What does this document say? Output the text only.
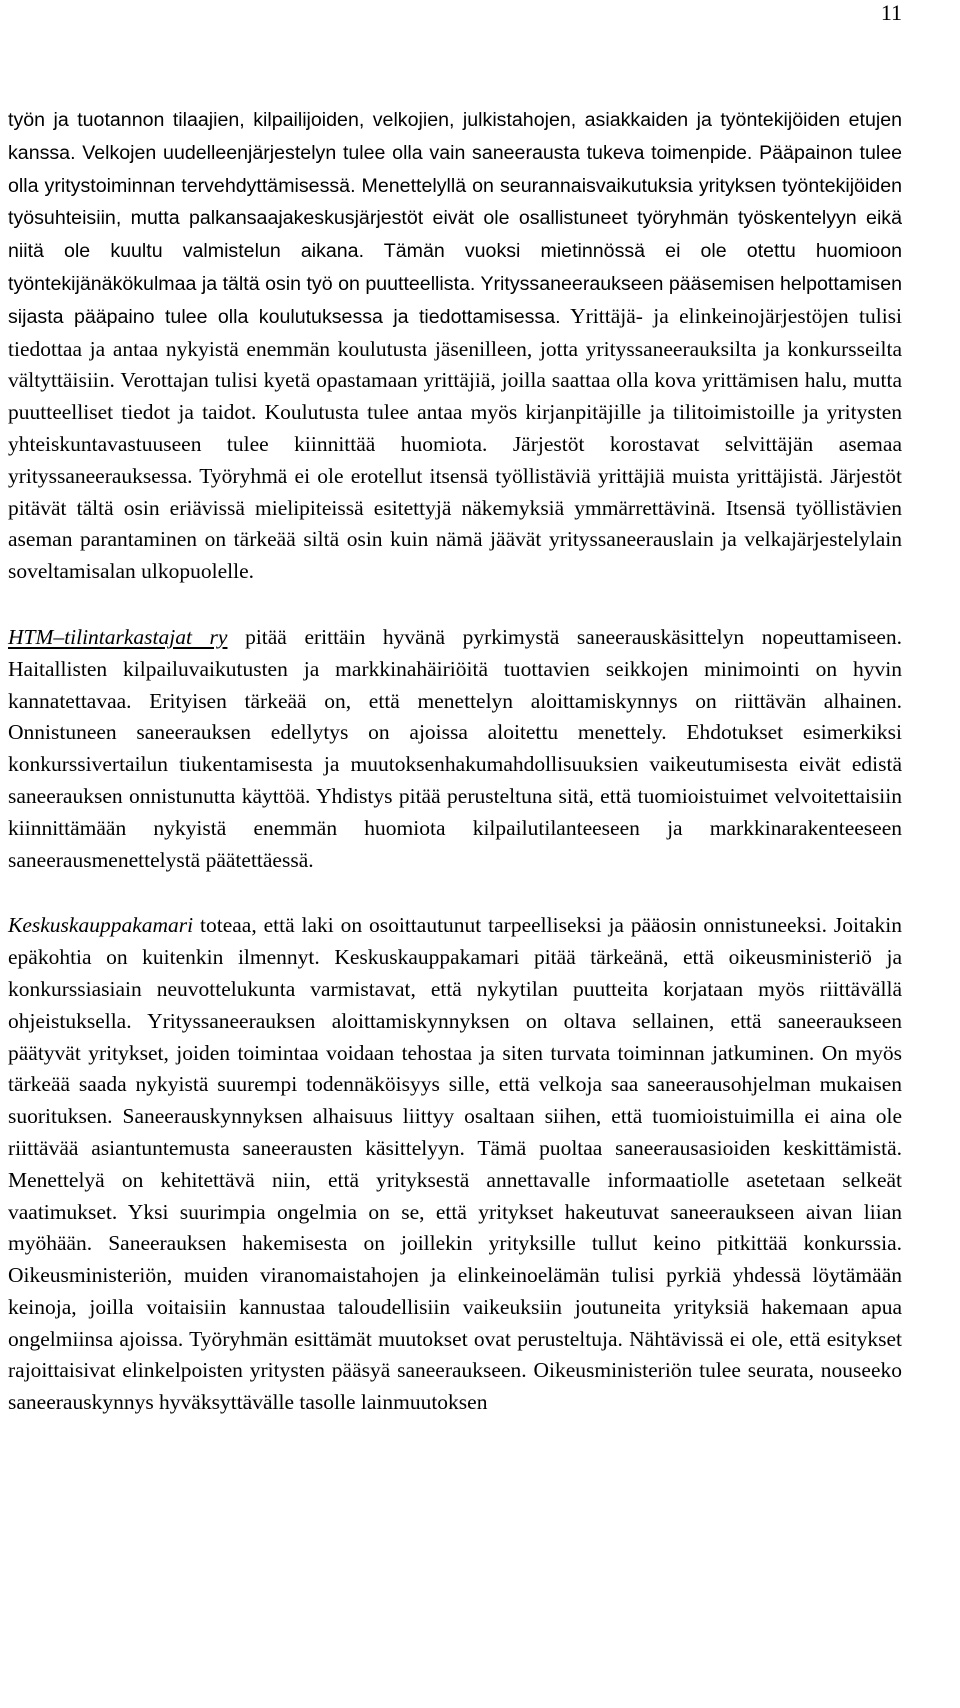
11

työn ja tuotannon tilaajien, kilpailijoiden, velkojien, julkistahojen, asiakkaiden ja työntekijöiden etujen kanssa. Velkojen uudelleenjärjestelyn tulee olla vain saneerausta tukeva toimenpide. Pääpainon tulee olla yritystoiminnan tervehdyttämisessä. Menettelyllä on seurannaisvaikutuksia yrityksen työntekijöiden työsuhteisiin, mutta palkansaajakeskusjärjestöt eivät ole osallistuneet työryhmän työskentelyyn eikä niitä ole kuultu valmistelun aikana. Tämän vuoksi mietinnössä ei ole otettu huomioon työntekijänäkökulmaa ja tältä osin työ on puutteellista. Yrityssaneeraukseen pääsemisen helpottamisen sijasta pääpaino tulee olla koulutuksessa ja tiedottamisessa. Yrittäjä- ja elinkeinojärjestöjen tulisi tiedottaa ja antaa nykyistä enemmän koulutusta jäsenilleen, jotta yrityssaneerauksilta ja konkursseilta vältyttäisiin. Verottajan tulisi kyetä opastamaan yrittäjiä, joilla saattaa olla kova yrittämisen halu, mutta puutteelliset tiedot ja taidot. Koulutusta tulee antaa myös kirjanpitäjille ja tilitoimistoille ja yritysten yhteiskuntavastuuseen tulee kiinnittää huomiota. Järjestöt korostavat selvittäjän asemaa yrityssaneerauksessa. Työryhmä ei ole erotellut itsensä työllistäviä yrittäjiä muista yrittäjistä. Järjestöt pitävät tältä osin eriävissä mielipiteissä esitettyjä näkemyksiä ymmärrettävinä. Itsensä työllistävien aseman parantaminen on tärkeää siltä osin kuin nämä jäävät yrityssaneerauslain ja velkajärjestelylain soveltamisalan ulkopuolelle.

HTM–tilintarkastajat ry pitää erittäin hyvänä pyrkimystä saneerauskäsittelyn nopeuttamiseen. Haitallisten kilpailuvaikutusten ja markkinahäiriöitä tuottavien seikkojen minimointi on hyvin kannatettavaa. Erityisen tärkeää on, että menettelyn aloittamiskynnys on riittävän alhainen. Onnistuneen saneerauksen edellytys on ajoissa aloitettu menettely. Ehdotukset esimerkiksi konkurssivertailun tiukentamisesta ja muutoksenhakumahdollisuuksien vaikeutumisesta eivät edistä saneerauksen onnistunutta käyttöä. Yhdistys pitää perusteltuna sitä, että tuomioistuimet velvoitettaisiin kiinnittämään nykyistä enemmän huomiota kilpailutilanteeseen ja markkinarakenteeseen saneerausmenettelystä päätettäessä.

Keskuskauppakamari toteaa, että laki on osoittautunut tarpeelliseksi ja pääosin onnistuneeksi. Joitakin epäkohtia on kuitenkin ilmennyt. Keskuskauppakamari pitää tärkeänä, että oikeusministeriö ja konkurssiasiain neuvottelukunta varmistavat, että nykytilan puutteita korjataan myös riittävällä ohjeistuksella. Yrityssaneerauksen aloittamiskynnyksen on oltava sellainen, että saneeraukseen päätyvät yritykset, joiden toimintaa voidaan tehostaa ja siten turvata toiminnan jatkuminen. On myös tärkeää saada nykyistä suurempi todennäköisyys sille, että velkoja saa saneerausohjelman mukaisen suorituksen. Saneerauskynnyksen alhaisuus liittyy osaltaan siihen, että tuomioistuimilla ei aina ole riittävää asiantuntemusta saneerausten käsittelyyn. Tämä puoltaa saneerausasioiden keskittämistä. Menettelyä on kehitettävä niin, että yrityksestä annettavalle informaatiolle asetetaan selkeät vaatimukset. Yksi suurimpia ongelmia on se, että yritykset hakeutuvat saneeraukseen aivan liian myöhään. Saneerauksen hakemisesta on joillekin yrityksille tullut keino pitkittää konkurssia. Oikeusministeriön, muiden viranomaistahojen ja elinkeinoelämän tulisi pyrkiä yhdessä löytämään keinoja, joilla voitaisiin kannustaa taloudellisiin vaikeuksiin joutuneita yrityksiä hakemaan apua ongelmiinsa ajoissa. Työryhmän esittämät muutokset ovat perusteltuja. Nähtävissä ei ole, että esitykset rajoittaisivat elinkelpoisten yritysten pääsyä saneeraukseen. Oikeusministeriön tulee seurata, nouseeko saneerauskynnys hyväksyttävälle tasolle lainmuutoksen
